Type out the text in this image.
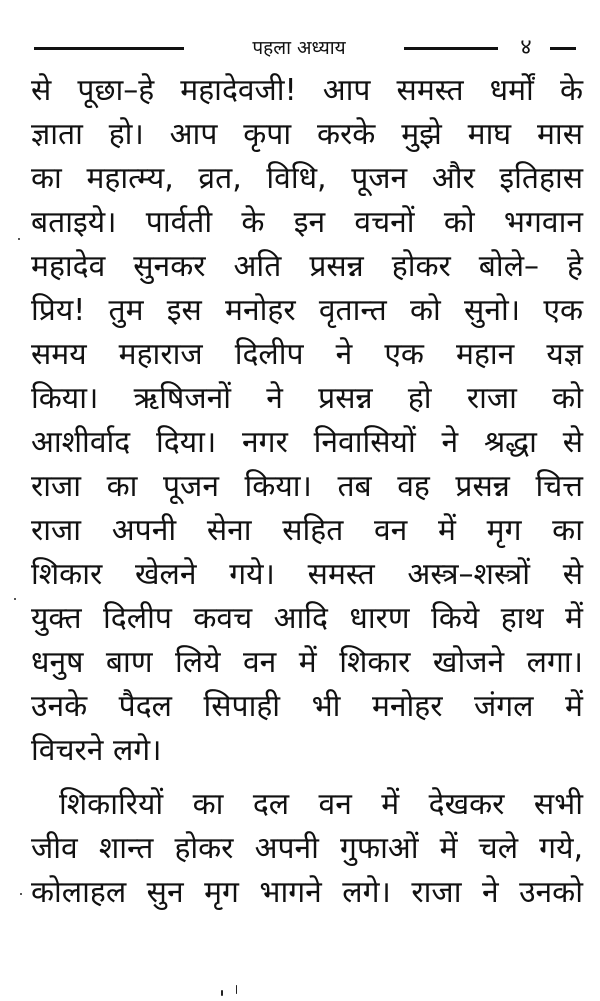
पहला अध्याय	४
से पूछा–हे महादेवजी! आप समस्त धर्मों के
ज्ञाता हो। आप कृपा करके मुझे माघ मास
का महात्म्य, व्रत, विधि, पूजन और इतिहास
बताइये। पार्वती के इन वचनों को भगवान
महादेव सुनकर अति प्रसन्न होकर बोले– हे
प्रिय! तुम इस मनोहर वृतान्त को सुनो। एक
समय महाराज दिलीप ने एक महान यज्ञ
किया। ऋषिजनों ने प्रसन्न हो राजा को
आशीर्वाद दिया। नगर निवासियों ने श्रद्धा से
राजा का पूजन किया। तब वह प्रसन्न चित्त
राजा अपनी सेना सहित वन में मृग का
शिकार खेलने गये। समस्त अस्त्र–शस्त्रों से
युक्त दिलीप कवच आदि धारण किये हाथ में
धनुष बाण लिये वन में शिकार खोजने लगा।
उनके पैदल सिपाही भी मनोहर जंगल में
विचरने लगे।
शिकारियों का दल वन में देखकर सभी
जीव शान्त होकर अपनी गुफाओं में चले गये,
कोलाहल सुन मृग भागने लगे। राजा ने उनको
